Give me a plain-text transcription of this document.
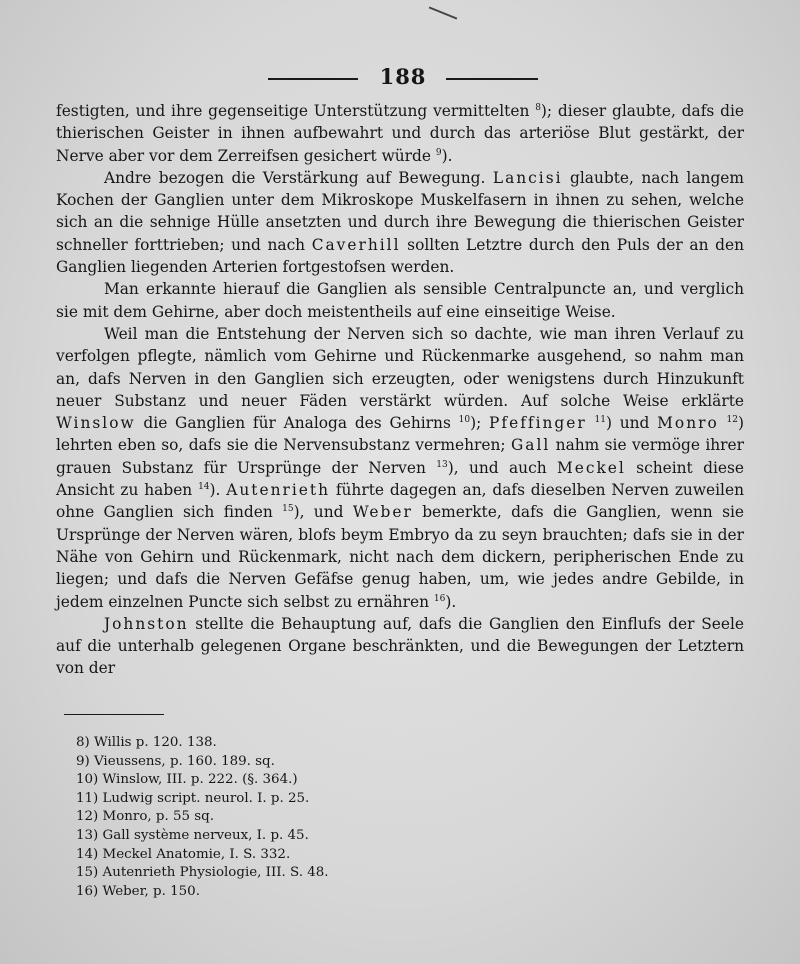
188

festigten, und ihre gegenseitige Unterstützung vermittelten $^8$); dieser glaubte, dafs die thierischen Geister in ihnen aufbewahrt und durch das arteriöse Blut gestärkt, der Nerve aber vor dem Zerreifsen gesichert würde $^9$).

Andre bezogen die Verstärkung auf Bewegung. Lancisi glaubte, nach langem Kochen der Ganglien unter dem Mikroskope Muskelfasern in ihnen zu sehen, welche sich an die sehnige Hülle ansetzten und durch ihre Bewegung die thierischen Geister schneller forttrieben; und nach Caverhill sollten Letztre durch den Puls der an den Ganglien liegenden Arterien fortgestofsen werden.

Man erkannte hierauf die Ganglien als sensible Centralpuncte an, und verglich sie mit dem Gehirne, aber doch meistentheils auf eine einseitige Weise.

Weil man die Entstehung der Nerven sich so dachte, wie man ihren Verlauf zu verfolgen pflegte, nämlich vom Gehirne und Rückenmarke ausgehend, so nahm man an, dafs Nerven in den Ganglien sich erzeugten, oder wenigstens durch Hinzukunft neuer Substanz und neuer Fäden verstärkt würden. Auf solche Weise erklärte Winslow die Ganglien für Analoga des Gehirns $^{10}$); Pfeffinger $^{11}$) und Monro $^{12}$) lehrten eben so, dafs sie die Nervensubstanz vermehren; Gall nahm sie vermöge ihrer grauen Substanz für Ursprünge der Nerven $^{13}$), und auch Meckel scheint diese Ansicht zu haben $^{14}$). Autenrieth führte dagegen an, dafs dieselben Nerven zuweilen ohne Ganglien sich finden $^{15}$), und Weber bemerkte, dafs die Ganglien, wenn sie Ursprünge der Nerven wären, blofs beym Embryo da zu seyn brauchten; dafs sie in der Nähe von Gehirn und Rückenmark, nicht nach dem dickern, peripherischen Ende zu liegen; und dafs die Nerven Gefäfse genug haben, um, wie jedes andre Gebilde, in jedem einzelnen Puncte sich selbst zu ernähren $^{16}$).

Johnston stellte die Behauptung auf, dafs die Ganglien den Einflufs der Seele auf die unterhalb gelegenen Organe beschränkten, und die Bewegungen der Letztern von der

8) Willis p. 120. 138.
9) Vieussens, p. 160. 189. sq.
10) Winslow, III. p. 222. (§. 364.)
11) Ludwig script. neurol. I. p. 25.
12) Monro, p. 55 sq.
13) Gall système nerveux, I. p. 45.
14) Meckel Anatomie, I. S. 332.
15) Autenrieth Physiologie, III. S. 48.
16) Weber, p. 150.
